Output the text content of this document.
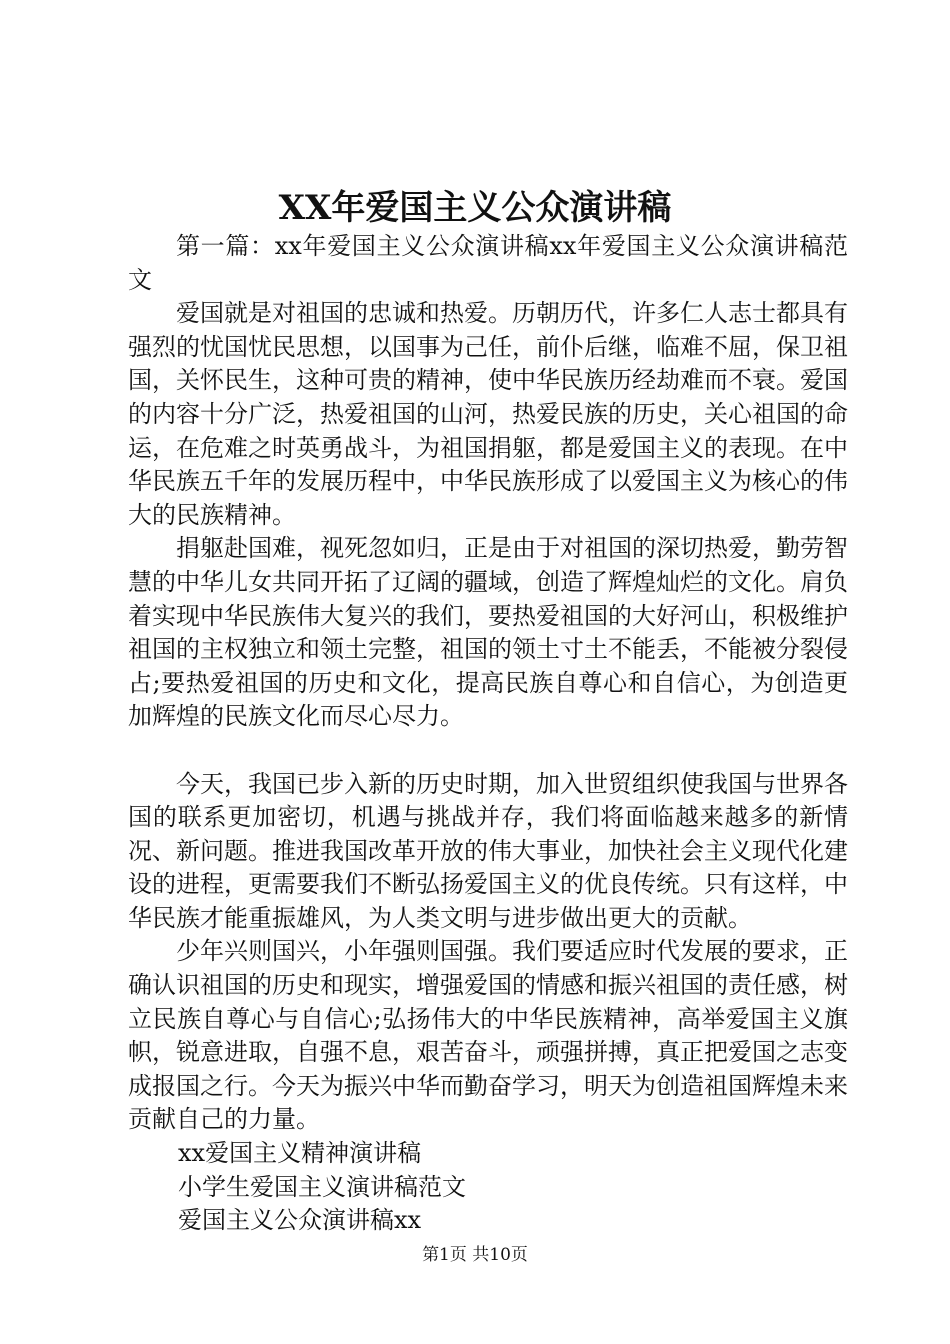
XX年爱国主义公众演讲稿

第一篇：xx年爱国主义公众演讲稿xx年爱国主义公众演讲稿范文

爱国就是对祖国的忠诚和热爱。历朝历代，许多仁人志士都具有强烈的忧国忧民思想，以国事为己任，前仆后继，临难不屈，保卫祖国，关怀民生，这种可贵的精神，使中华民族历经劫难而不衰。爱国的内容十分广泛，热爱祖国的山河，热爱民族的历史，关心祖国的命运，在危难之时英勇战斗，为祖国捐躯，都是爱国主义的表现。在中华民族五千年的发展历程中，中华民族形成了以爱国主义为核心的伟大的民族精神。

捐躯赴国难，视死忽如归，正是由于对祖国的深切热爱，勤劳智慧的中华儿女共同开拓了辽阔的疆域，创造了辉煌灿烂的文化。肩负着实现中华民族伟大复兴的我们，要热爱祖国的大好河山，积极维护祖国的主权独立和领土完整，祖国的领土寸土不能丢，不能被分裂侵占;要热爱祖国的历史和文化，提高民族自尊心和自信心，为创造更加辉煌的民族文化而尽心尽力。

今天，我国已步入新的历史时期，加入世贸组织使我国与世界各国的联系更加密切，机遇与挑战并存，我们将面临越来越多的新情况、新问题。推进我国改革开放的伟大事业，加快社会主义现代化建设的进程，更需要我们不断弘扬爱国主义的优良传统。只有这样，中华民族才能重振雄风，为人类文明与进步做出更大的贡献。

少年兴则国兴，小年强则国强。我们要适应时代发展的要求，正确认识祖国的历史和现实，增强爱国的情感和振兴祖国的责任感，树立民族自尊心与自信心;弘扬伟大的中华民族精神，高举爱国主义旗帜，锐意进取，自强不息，艰苦奋斗，顽强拼搏，真正把爱国之志变成报国之行。今天为振兴中华而勤奋学习，明天为创造祖国辉煌未来贡献自己的力量。

xx爱国主义精神演讲稿

小学生爱国主义演讲稿范文

爱国主义公众演讲稿xx

第1页 共10页
